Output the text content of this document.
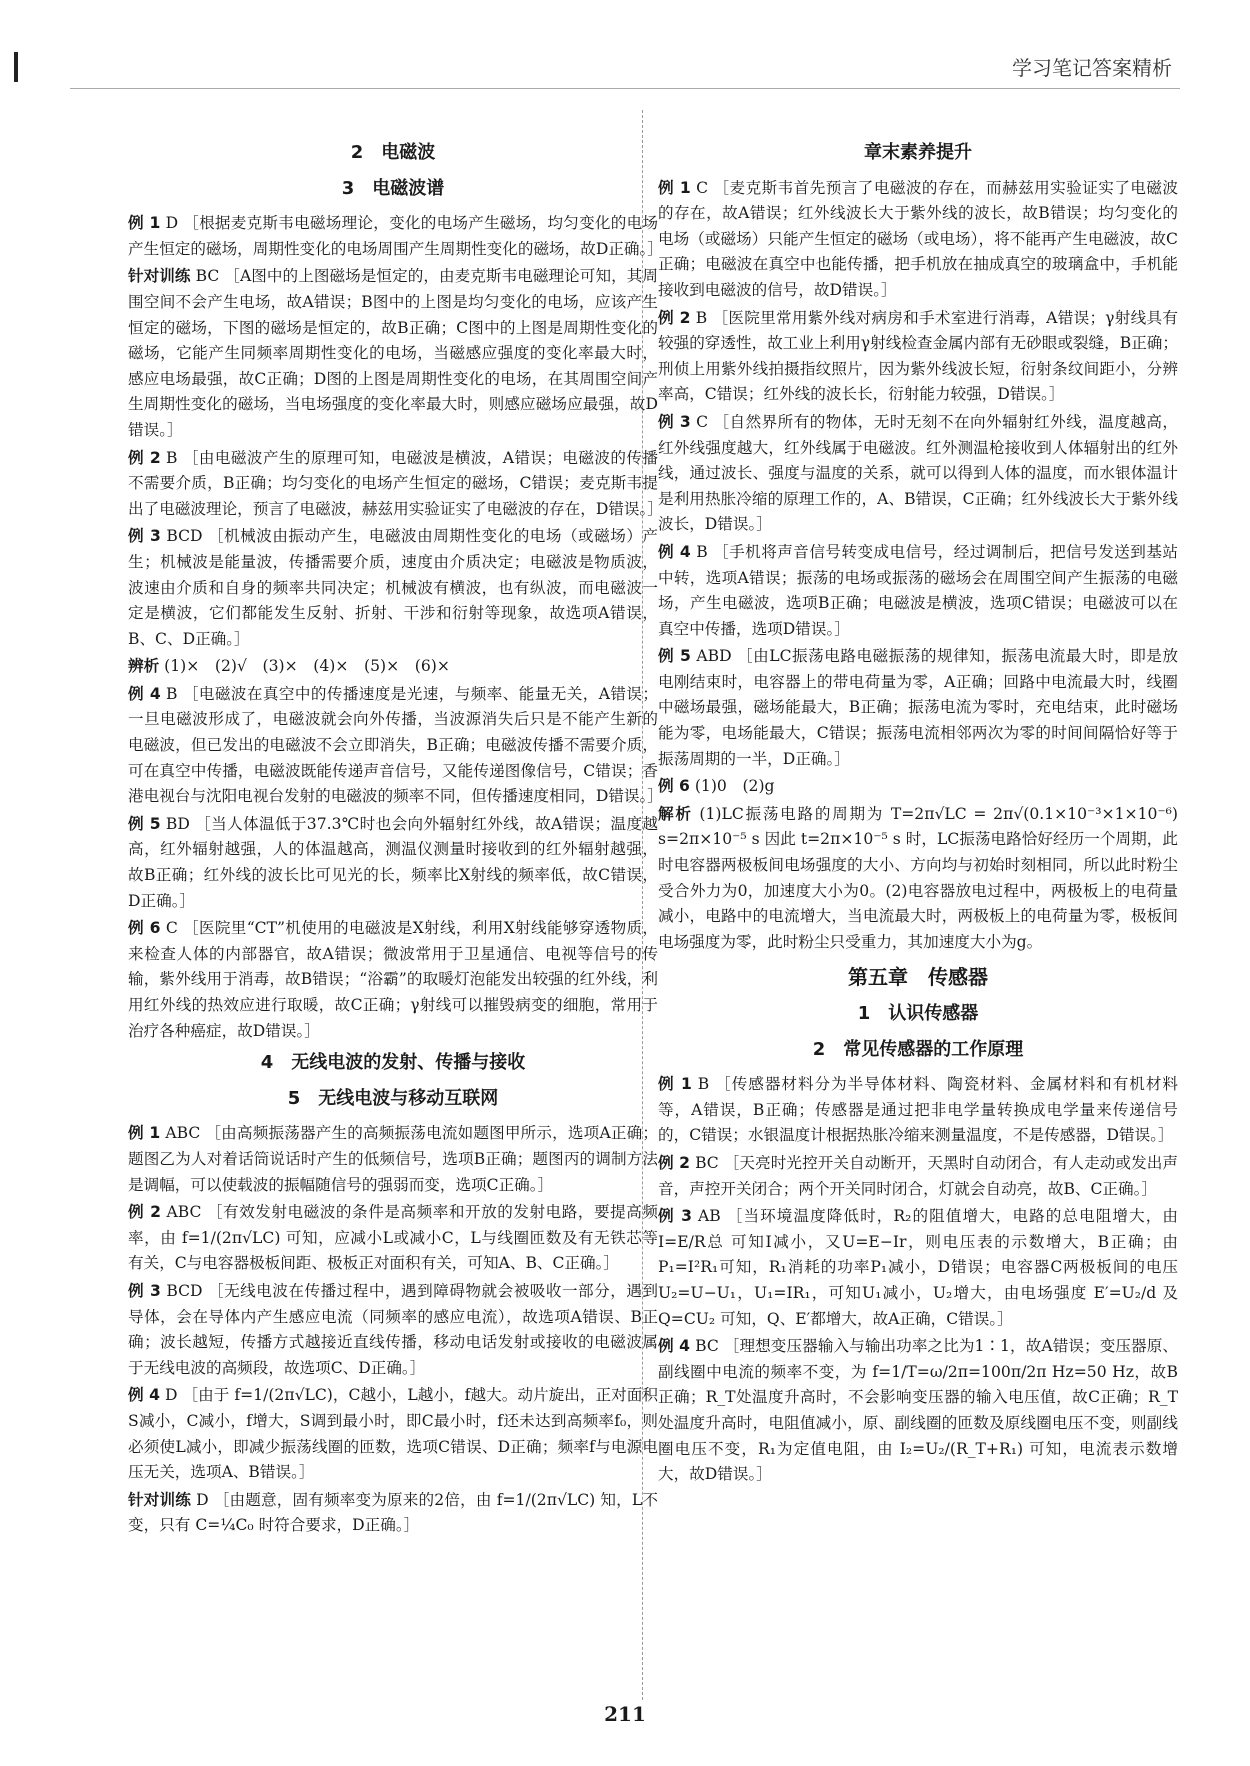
学习笔记答案精析
2　电磁波
3　电磁波谱
例 1 D ［根据麦克斯韦电磁场理论，变化的电场产生磁场，均匀变化的电场产生恒定的磁场，周期性变化的电场周围产生周期性变化的磁场，故D正确。］
针对训练 BC ［A图中的上图磁场是恒定的，由麦克斯韦电磁理论可知，其周围空间不会产生电场，故A错误；B图中的上图是均匀变化的电场，应该产生恒定的磁场，下图的磁场是恒定的，故B正确；C图中的上图是周期性变化的磁场，它能产生同频率周期性变化的电场，当磁感应强度的变化率最大时，感应电场最强，故C正确；D图的上图是周期性变化的电场，在其周围空间产生周期性变化的磁场，当电场强度的变化率最大时，则感应磁场应最强，故D错误。］
例 2 B ［由电磁波产生的原理可知，电磁波是横波，A错误；电磁波的传播不需要介质，B正确；均匀变化的电场产生恒定的磁场，C错误；麦克斯韦提出了电磁波理论，预言了电磁波，赫兹用实验证实了电磁波的存在，D错误。］
例 3 BCD ［机械波由振动产生，电磁波由周期性变化的电场（或磁场）产生；机械波是能量波，传播需要介质，速度由介质决定；电磁波是物质波，波速由介质和自身的频率共同决定；机械波有横波，也有纵波，而电磁波一定是横波，它们都能发生反射、折射、干涉和衍射等现象，故选项A错误，B、C、D正确。］
辨析 (1)×　(2)√　(3)×　(4)×　(5)×　(6)×
例 4 B ［电磁波在真空中的传播速度是光速，与频率、能量无关，A错误；一旦电磁波形成了，电磁波就会向外传播，当波源消失后只是不能产生新的电磁波，但已发出的电磁波不会立即消失，B正确；电磁波传播不需要介质，可在真空中传播，电磁波既能传递声音信号，又能传递图像信号，C错误；香港电视台与沈阳电视台发射的电磁波的频率不同，但传播速度相同，D错误。］
例 5 BD ［当人体温低于37.3℃时也会向外辐射红外线，故A错误；温度越高，红外辐射越强，人的体温越高，测温仪测量时接收到的红外辐射越强，故B正确；红外线的波长比可见光的长，频率比X射线的频率低，故C错误，D正确。］
例 6 C ［医院里“CT”机使用的电磁波是X射线，利用X射线能够穿透物质，来检查人体的内部器官，故A错误；微波常用于卫星通信、电视等信号的传输，紫外线用于消毒，故B错误；“浴霸”的取暖灯泡能发出较强的红外线，利用红外线的热效应进行取暖，故C正确；γ射线可以摧毁病变的细胞，常用于治疗各种癌症，故D错误。］
4　无线电波的发射、传播与接收
5　无线电波与移动互联网
例 1 ABC ［由高频振荡器产生的高频振荡电流如题图甲所示，选项A正确；题图乙为人对着话筒说话时产生的低频信号，选项B正确；题图丙的调制方法是调幅，可以使载波的振幅随信号的强弱而变，选项C正确。］
例 2 ABC ［有效发射电磁波的条件是高频率和开放的发射电路，要提高频率，由 f=1/(2π√LC) 可知，应减小L或减小C，L与线圈匝数及有无铁芯等有关，C与电容器极板间距、极板正对面积有关，可知A、B、C正确。］
例 3 BCD ［无线电波在传播过程中，遇到障碍物就会被吸收一部分，遇到导体，会在导体内产生感应电流（同频率的感应电流），故选项A错误、B正确；波长越短，传播方式越接近直线传播，移动电话发射或接收的电磁波属于无线电波的高频段，故选项C、D正确。］
例 4 D ［由于 f=1/(2π√LC)，C越小，L越小，f越大。动片旋出，正对面积S减小，C减小，f增大，S调到最小时，即C最小时，f还未达到高频率f₀，则必须使L减小，即减少振荡线圈的匝数，选项C错误、D正确；频率f与电源电压无关，选项A、B错误。］
针对训练 D ［由题意，固有频率变为原来的2倍，由 f=1/(2π√LC) 知，L不变，只有 C=¼C₀ 时符合要求，D正确。］
章末素养提升
例 1 C ［麦克斯韦首先预言了电磁波的存在，而赫兹用实验证实了电磁波的存在，故A错误；红外线波长大于紫外线的波长，故B错误；均匀变化的电场（或磁场）只能产生恒定的磁场（或电场），将不能再产生电磁波，故C正确；电磁波在真空中也能传播，把手机放在抽成真空的玻璃盒中，手机能接收到电磁波的信号，故D错误。］
例 2 B ［医院里常用紫外线对病房和手术室进行消毒，A错误；γ射线具有较强的穿透性，故工业上利用γ射线检查金属内部有无砂眼或裂缝，B正确；刑侦上用紫外线拍摄指纹照片，因为紫外线波长短，衍射条纹间距小，分辨率高，C错误；红外线的波长长，衍射能力较强，D错误。］
例 3 C ［自然界所有的物体，无时无刻不在向外辐射红外线，温度越高，红外线强度越大，红外线属于电磁波。红外测温枪接收到人体辐射出的红外线，通过波长、强度与温度的关系，就可以得到人体的温度，而水银体温计是利用热胀冷缩的原理工作的，A、B错误，C正确；红外线波长大于紫外线波长，D错误。］
例 4 B ［手机将声音信号转变成电信号，经过调制后，把信号发送到基站中转，选项A错误；振荡的电场或振荡的磁场会在周围空间产生振荡的电磁场，产生电磁波，选项B正确；电磁波是横波，选项C错误；电磁波可以在真空中传播，选项D错误。］
例 5 ABD ［由LC振荡电路电磁振荡的规律知，振荡电流最大时，即是放电刚结束时，电容器上的带电荷量为零，A正确；回路中电流最大时，线圈中磁场最强，磁场能最大，B正确；振荡电流为零时，充电结束，此时磁场能为零，电场能最大，C错误；振荡电流相邻两次为零的时间间隔恰好等于振荡周期的一半，D正确。］
例 6 (1)0　(2)g
解析 (1)LC振荡电路的周期为 T=2π√LC = 2π√(0.1×10⁻³×1×10⁻⁶) s=2π×10⁻⁵ s 因此 t=2π×10⁻⁵ s 时，LC振荡电路恰好经历一个周期，此时电容器两极板间电场强度的大小、方向均与初始时刻相同，所以此时粉尘受合外力为0，加速度大小为0。(2)电容器放电过程中，两极板上的电荷量减小，电路中的电流增大，当电流最大时，两极板上的电荷量为零，极板间电场强度为零，此时粉尘只受重力，其加速度大小为g。
第五章　传感器
1　认识传感器
2　常见传感器的工作原理
例 1 B ［传感器材料分为半导体材料、陶瓷材料、金属材料和有机材料等，A错误，B正确；传感器是通过把非电学量转换成电学量来传递信号的，C错误；水银温度计根据热胀冷缩来测量温度，不是传感器，D错误。］
例 2 BC ［天亮时光控开关自动断开，天黑时自动闭合，有人走动或发出声音，声控开关闭合；两个开关同时闭合，灯就会自动亮，故B、C正确。］
例 3 AB ［当环境温度降低时，R₂的阻值增大，电路的总电阻增大，由 I=E/R总 可知I减小，又U=E−Ir，则电压表的示数增大，B正确；由P₁=I²R₁可知，R₁消耗的功率P₁减小，D错误；电容器C两极板间的电压U₂=U−U₁，U₁=IR₁，可知U₁减小，U₂增大，由电场强度 E′=U₂/d 及 Q=CU₂ 可知，Q、E′都增大，故A正确，C错误。］
例 4 BC ［理想变压器输入与输出功率之比为1∶1，故A错误；变压器原、副线圈中电流的频率不变，为 f=1/T=ω/2π=100π/2π Hz=50 Hz，故B正确；R_T处温度升高时，不会影响变压器的输入电压值，故C正确；R_T处温度升高时，电阻值减小，原、副线圈的匝数及原线圈电压不变，则副线圈电压不变，R₁为定值电阻，由 I₂=U₂/(R_T+R₁) 可知，电流表示数增大，故D错误。］
211
